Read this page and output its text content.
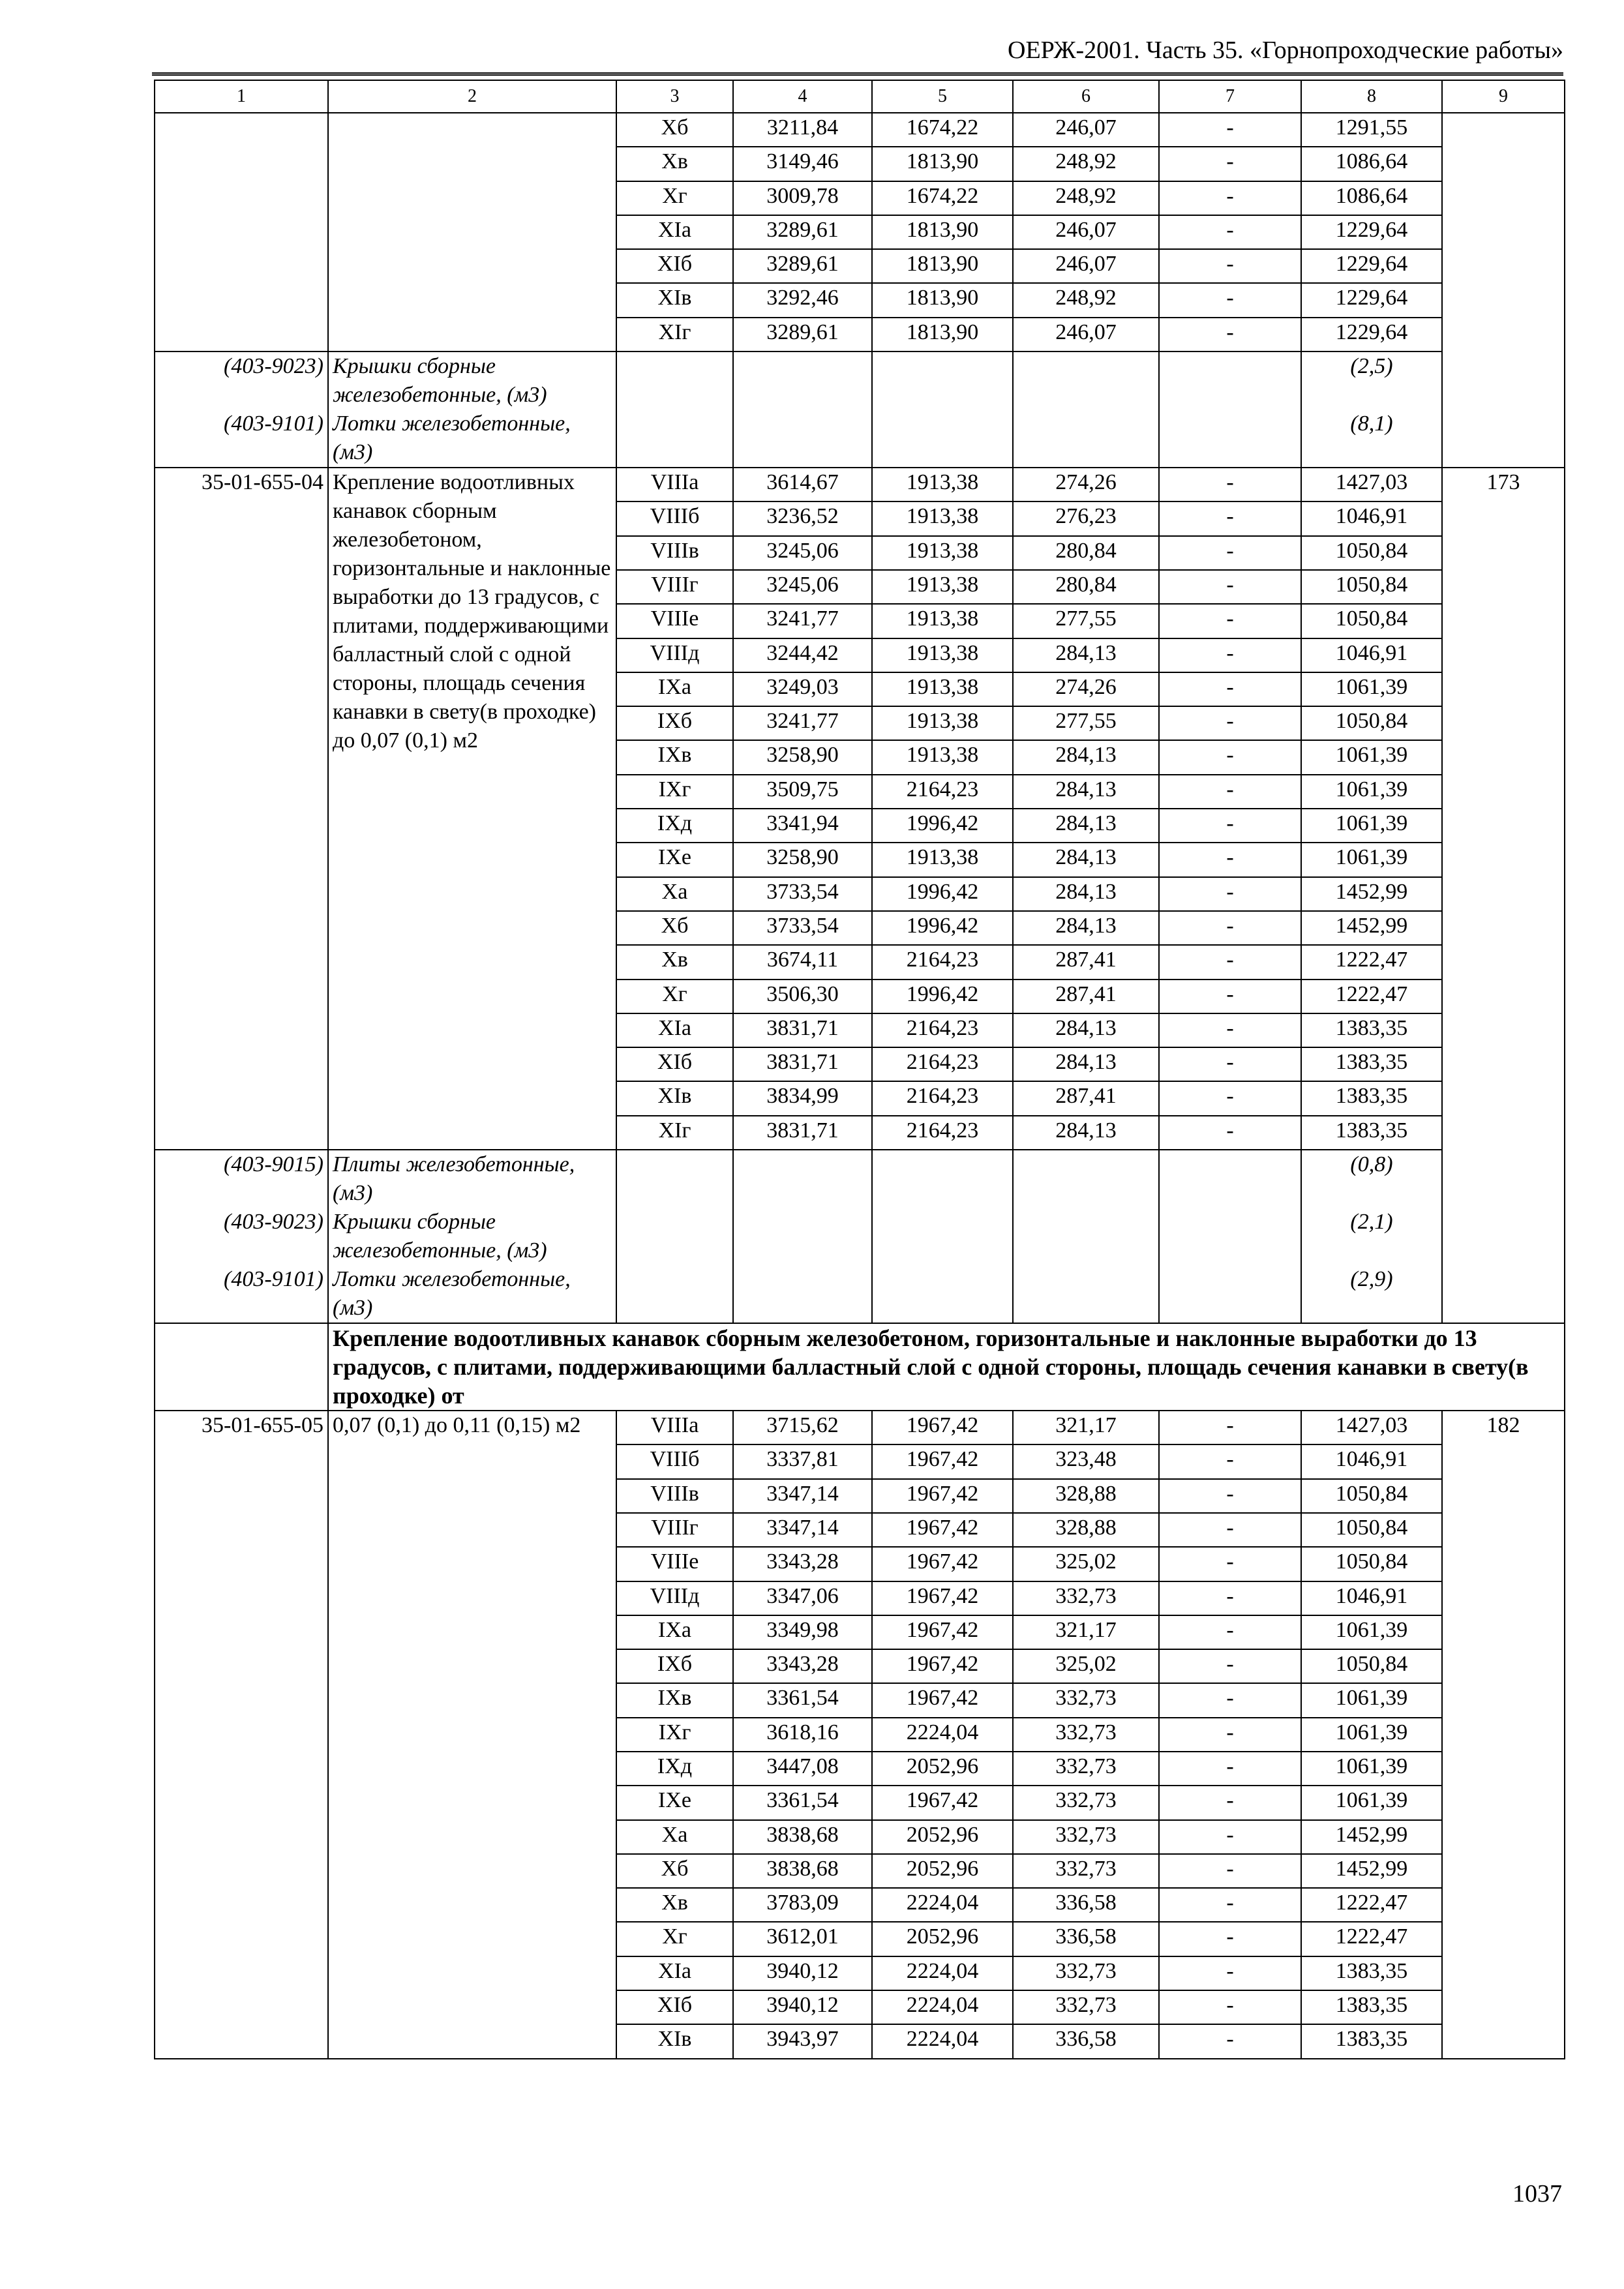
ОЕРЖ-2001. Часть 35. «Горнопроходческие работы»
1	2	3	4	5	6	7	8	9
		Xб	3211,84	1674,22	246,07	-	1291,55	
		Xв	3149,46	1813,90	248,92	-	1086,64	
		Xг	3009,78	1674,22	248,92	-	1086,64	
		XIа	3289,61	1813,90	246,07	-	1229,64	
		XIб	3289,61	1813,90	246,07	-	1229,64	
		XIв	3292,46	1813,90	248,92	-	1229,64	
		XIг	3289,61	1813,90	246,07	-	1229,64	
(403-9023)	Крышки сборные железобетонные, (м3)						(2,5)	
(403-9101)	Лотки железобетонные, (м3)						(8,1)	
35-01-655-04	Крепление водоотливных канавок сборным железобетоном, горизонтальные и наклонные выработки до 13 градусов, с плитами, поддерживающими балластный слой с одной стороны, площадь сечения канавки в свету(в проходке) до 0,07 (0,1) м2	VIIIа	3614,67	1913,38	274,26	-	1427,03	173
		VIIIб	3236,52	1913,38	276,23	-	1046,91	
		VIIIв	3245,06	1913,38	280,84	-	1050,84	
		VIIIг	3245,06	1913,38	280,84	-	1050,84	
		VIIIе	3241,77	1913,38	277,55	-	1050,84	
		VIIIд	3244,42	1913,38	284,13	-	1046,91	
		IXа	3249,03	1913,38	274,26	-	1061,39	
		IXб	3241,77	1913,38	277,55	-	1050,84	
		IXв	3258,90	1913,38	284,13	-	1061,39	
		IXг	3509,75	2164,23	284,13	-	1061,39	
		IXд	3341,94	1996,42	284,13	-	1061,39	
		IXе	3258,90	1913,38	284,13	-	1061,39	
		Xа	3733,54	1996,42	284,13	-	1452,99	
		Xб	3733,54	1996,42	284,13	-	1452,99	
		Xв	3674,11	2164,23	287,41	-	1222,47	
		Xг	3506,30	1996,42	287,41	-	1222,47	
		XIа	3831,71	2164,23	284,13	-	1383,35	
		XIб	3831,71	2164,23	284,13	-	1383,35	
		XIв	3834,99	2164,23	287,41	-	1383,35	
		XIг	3831,71	2164,23	284,13	-	1383,35	
(403-9015)	Плиты железобетонные, (м3)						(0,8)	
(403-9023)	Крышки сборные железобетонные, (м3)						(2,1)	
(403-9101)	Лотки железобетонные, (м3)						(2,9)	
	Крепление водоотливных канавок сборным железобетоном, горизонтальные и наклонные выработки до 13 градусов, с плитами, поддерживающими балластный слой с одной стороны, площадь сечения канавки в свету(в проходке) от							
35-01-655-05	0,07 (0,1) до 0,11 (0,15) м2	VIIIа	3715,62	1967,42	321,17	-	1427,03	182
		VIIIб	3337,81	1967,42	323,48	-	1046,91	
		VIIIв	3347,14	1967,42	328,88	-	1050,84	
		VIIIг	3347,14	1967,42	328,88	-	1050,84	
		VIIIе	3343,28	1967,42	325,02	-	1050,84	
		VIIIд	3347,06	1967,42	332,73	-	1046,91	
		IXа	3349,98	1967,42	321,17	-	1061,39	
		IXб	3343,28	1967,42	325,02	-	1050,84	
		IXв	3361,54	1967,42	332,73	-	1061,39	
		IXг	3618,16	2224,04	332,73	-	1061,39	
		IXд	3447,08	2052,96	332,73	-	1061,39	
		IXе	3361,54	1967,42	332,73	-	1061,39	
		Xа	3838,68	2052,96	332,73	-	1452,99	
		Xб	3838,68	2052,96	332,73	-	1452,99	
		Xв	3783,09	2224,04	336,58	-	1222,47	
		Xг	3612,01	2052,96	336,58	-	1222,47	
		XIа	3940,12	2224,04	332,73	-	1383,35	
		XIб	3940,12	2224,04	332,73	-	1383,35	
		XIв	3943,97	2224,04	336,58	-	1383,35	
1037
